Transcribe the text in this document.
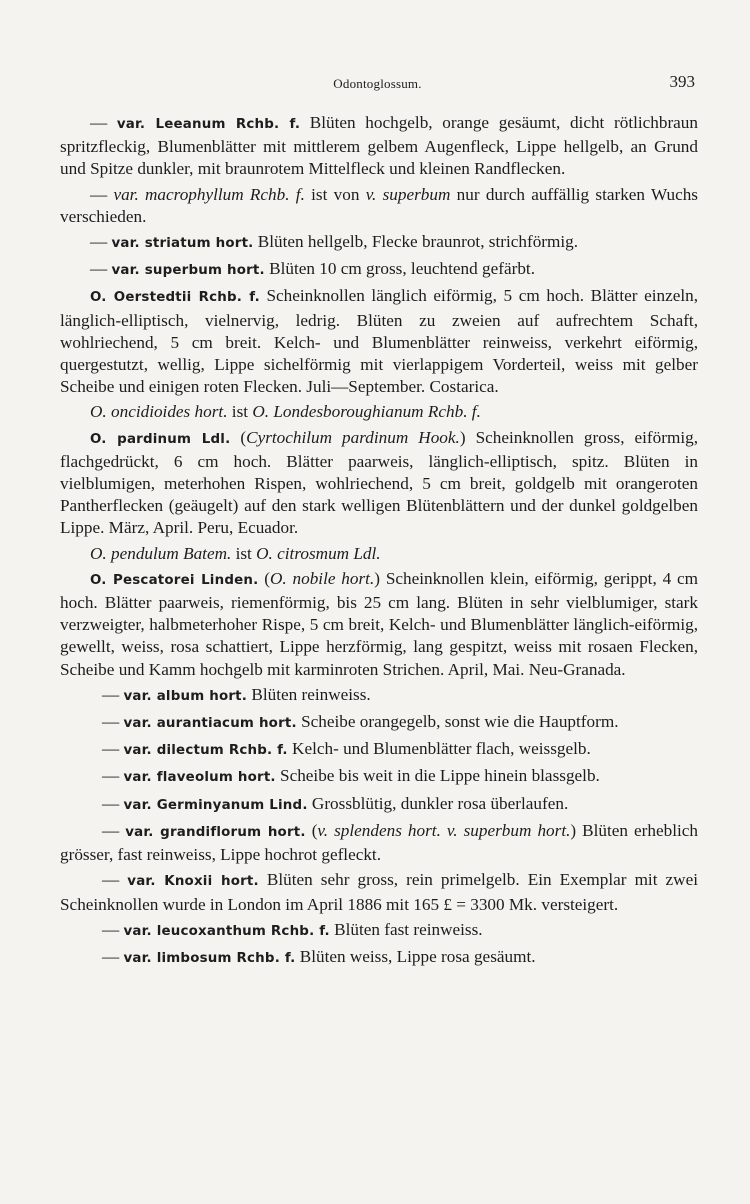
Odontoglossum.	393

— var. Leeanum Rchb. f. Blüten hochgelb, orange gesäumt, dicht rötlichbraun spritzfleckig, Blumenblätter mit mittlerem gelbem Augenfleck, Lippe hellgelb, an Grund und Spitze dunkler, mit braunrotem Mittelfleck und kleinen Randflecken.

— var. macrophyllum Rchb. f. ist von v. superbum nur durch auffällig starken Wuchs verschieden.

— var. striatum hort. Blüten hellgelb, Flecke braunrot, strichförmig.

— var. superbum hort. Blüten 10 cm gross, leuchtend gefärbt.

O. Oerstedtii Rchb. f. Scheinknollen länglich eiförmig, 5 cm hoch. Blätter einzeln, länglich-elliptisch, vielnervig, ledrig. Blüten zu zweien auf aufrechtem Schaft, wohlriechend, 5 cm breit. Kelch- und Blumenblätter reinweiss, verkehrt eiförmig, quergestutzt, wellig, Lippe sichelförmig mit vierlappigem Vorderteil, weiss mit gelber Scheibe und einigen roten Flecken. Juli—September. Costarica.

O. oncidioides hort. ist O. Londesboroughianum Rchb. f.

O. pardinum Ldl. (Cyrtochilum pardinum Hook.) Scheinknollen gross, eiförmig, flachgedrückt, 6 cm hoch. Blätter paarweis, länglich-elliptisch, spitz. Blüten in vielblumigen, meterhohen Rispen, wohlriechend, 5 cm breit, goldgelb mit orangeroten Pantherflecken (geäugelt) auf den stark welligen Blütenblättern und der dunkel goldgelben Lippe. März, April. Peru, Ecuador.

O. pendulum Batem. ist O. citrosmum Ldl.

O. Pescatorei Linden. (O. nobile hort.) Scheinknollen klein, eiförmig, gerippt, 4 cm hoch. Blätter paarweis, riemenförmig, bis 25 cm lang. Blüten in sehr vielblumiger, stark verzweigter, halbmeterhoher Rispe, 5 cm breit, Kelch- und Blumenblätter länglich-eiförmig, gewellt, weiss, rosa schattiert, Lippe herzförmig, lang gespitzt, weiss mit rosaen Flecken, Scheibe und Kamm hochgelb mit karminroten Strichen. April, Mai. Neu-Granada.

— var. album hort. Blüten reinweiss.

— var. aurantiacum hort. Scheibe orangegelb, sonst wie die Hauptform.

— var. dilectum Rchb. f. Kelch- und Blumenblätter flach, weissgelb.

— var. flaveolum hort. Scheibe bis weit in die Lippe hinein blassgelb.

— var. Germinyanum Lind. Grossblütig, dunkler rosa überlaufen.

— var. grandiflorum hort. (v. splendens hort. v. superbum hort.) Blüten erheblich grösser, fast reinweiss, Lippe hochrot gefleckt.

— var. Knoxii hort. Blüten sehr gross, rein primelgelb. Ein Exemplar mit zwei Scheinknollen wurde in London im April 1886 mit 165 £ = 3300 Mk. versteigert.

— var. leucoxanthum Rchb. f. Blüten fast reinweiss.

— var. limbosum Rchb. f. Blüten weiss, Lippe rosa gesäumt.
